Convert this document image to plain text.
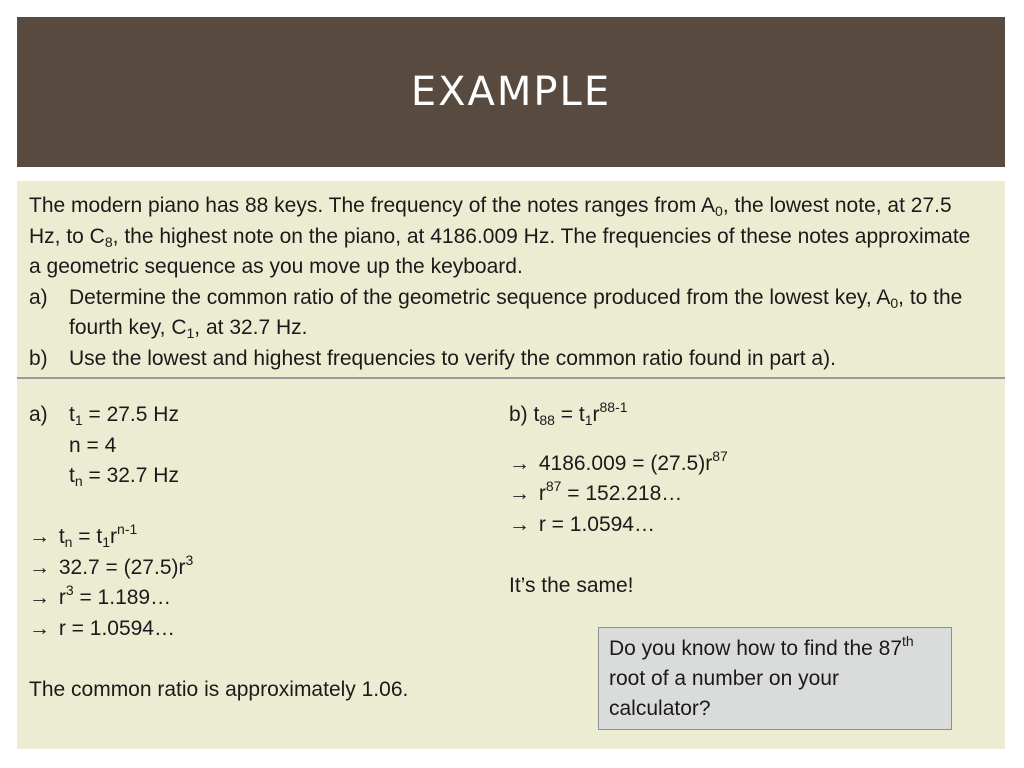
EXAMPLE

The modern piano has 88 keys. The frequency of the notes ranges from $A_0$, the lowest note, at 27.5 Hz, to $C_8$, the highest note on the piano, at 4186.009 Hz. The frequencies of these notes approximate a geometric sequence as you move up the keyboard.

a) Determine the common ratio of the geometric sequence produced from the lowest key, $A_0$, to the fourth key, $C_1$, at 32.7 Hz.
b) Use the lowest and highest frequencies to verify the common ratio found in part a).
a) $t_1 = 27.5$ Hz
n = 4
$t_n = 32.7$ Hz
→ $t_n = t_1r^{n-1}$
→ $32.7 = (27.5)r^3$
→ $r^3$ = 1.189…
→ r = 1.0594…
The common ratio is approximately 1.06.
b) $t_{88} = t_1r^{88-1}$
→ $4186.009 = (27.5)r^{87}$
→ $r^{87}$ = 152.218…
→ r = 1.0594…
It’s the same!
Do you know how to find the 87th root of a number on your calculator?
